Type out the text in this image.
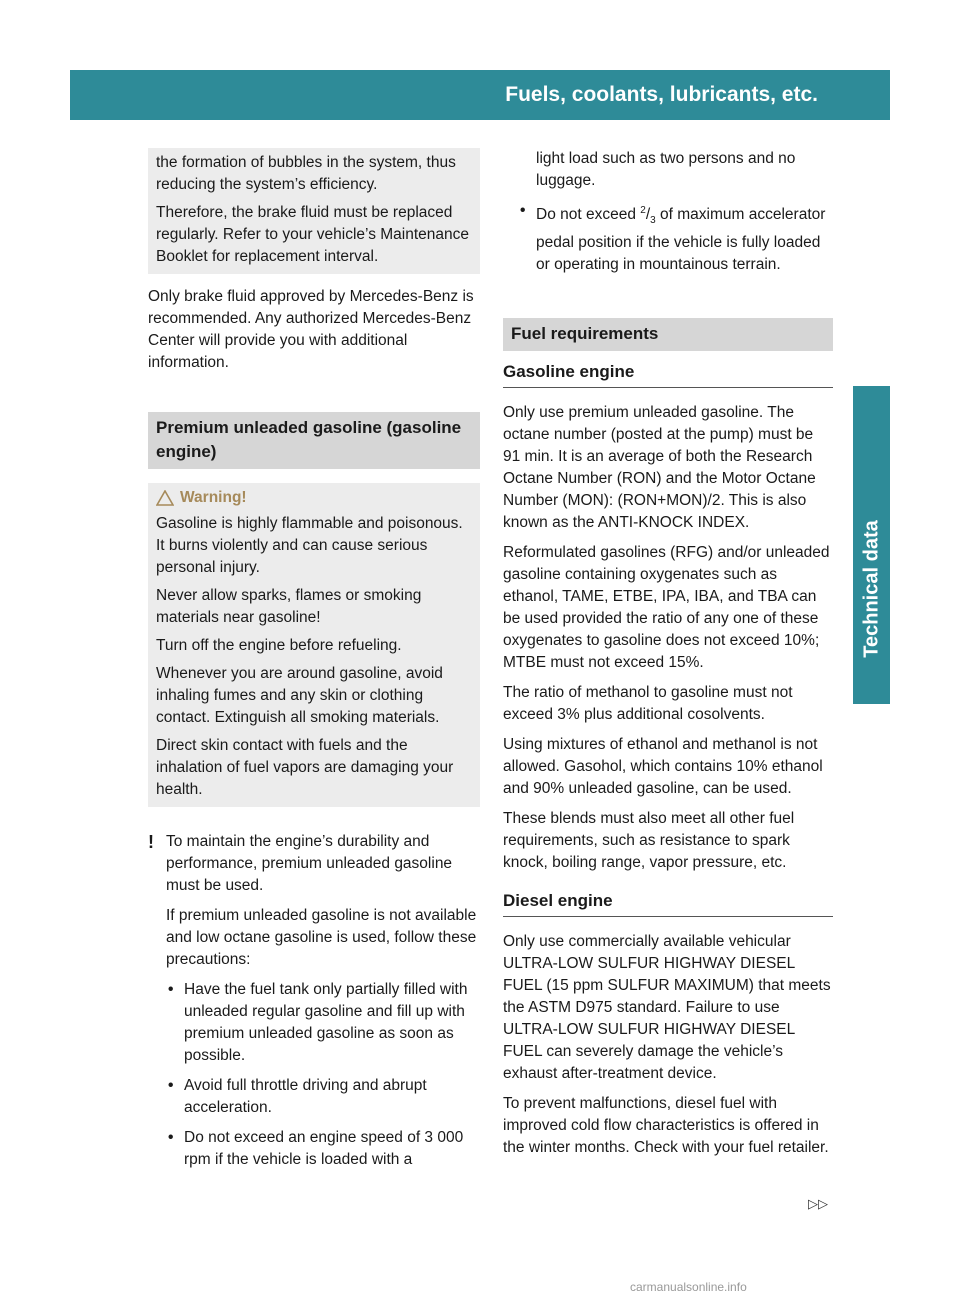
Fuels, coolants, lubricants, etc.	353
Technical data

the formation of bubbles in the system, thus reducing the system’s efficiency.

Therefore, the brake fluid must be replaced regularly. Refer to your vehicle’s Maintenance Booklet for replacement interval.

Only brake fluid approved by Mercedes-Benz is recommended. Any authorized Mercedes-Benz Center will provide you with additional information.

Premium unleaded gasoline (gasoline engine)
Warning!

Gasoline is highly flammable and poisonous. It burns violently and can cause serious personal injury.

Never allow sparks, flames or smoking materials near gasoline!

Turn off the engine before refueling.

Whenever you are around gasoline, avoid inhaling fumes and any skin or clothing contact. Extinguish all smoking materials.

Direct skin contact with fuels and the inhalation of fuel vapors are damaging your health.

! To maintain the engine’s durability and performance, premium unleaded gasoline must be used.

If premium unleaded gasoline is not available and low octane gasoline is used, follow these precautions:

• Have the fuel tank only partially filled with unleaded regular gasoline and fill up with premium unleaded gasoline as soon as possible.
• Avoid full throttle driving and abrupt acceleration.
• Do not exceed an engine speed of 3 000 rpm if the vehicle is loaded with a

light load such as two persons and no luggage.

• Do not exceed $^2/_3$ of maximum accelerator pedal position if the vehicle is fully loaded or operating in mountainous terrain.
Fuel requirements
Gasoline engine

Only use premium unleaded gasoline. The octane number (posted at the pump) must be 91 min. It is an average of both the Research Octane Number (RON) and the Motor Octane Number (MON): (RON+MON)/2. This is also known as the ANTI-KNOCK INDEX.

Reformulated gasolines (RFG) and/or unleaded gasoline containing oxygenates such as ethanol, TAME, ETBE, IPA, IBA, and TBA can be used provided the ratio of any one of these oxygenates to gasoline does not exceed 10%; MTBE must not exceed 15%.

The ratio of methanol to gasoline must not exceed 3% plus additional cosolvents.

Using mixtures of ethanol and methanol is not allowed. Gasohol, which contains 10% ethanol and 90% unleaded gasoline, can be used.

These blends must also meet all other fuel requirements, such as resistance to spark knock, boiling range, vapor pressure, etc.

Diesel engine

Only use commercially available vehicular ULTRA-LOW SULFUR HIGHWAY DIESEL FUEL (15 ppm SULFUR MAXIMUM) that meets the ASTM D975 standard. Failure to use ULTRA-LOW SULFUR HIGHWAY DIESEL FUEL can severely damage the vehicle’s exhaust after-treatment device.

To prevent malfunctions, diesel fuel with improved cold flow characteristics is offered in the winter months. Check with your fuel retailer.

▷▷
carmanualsonline.info
